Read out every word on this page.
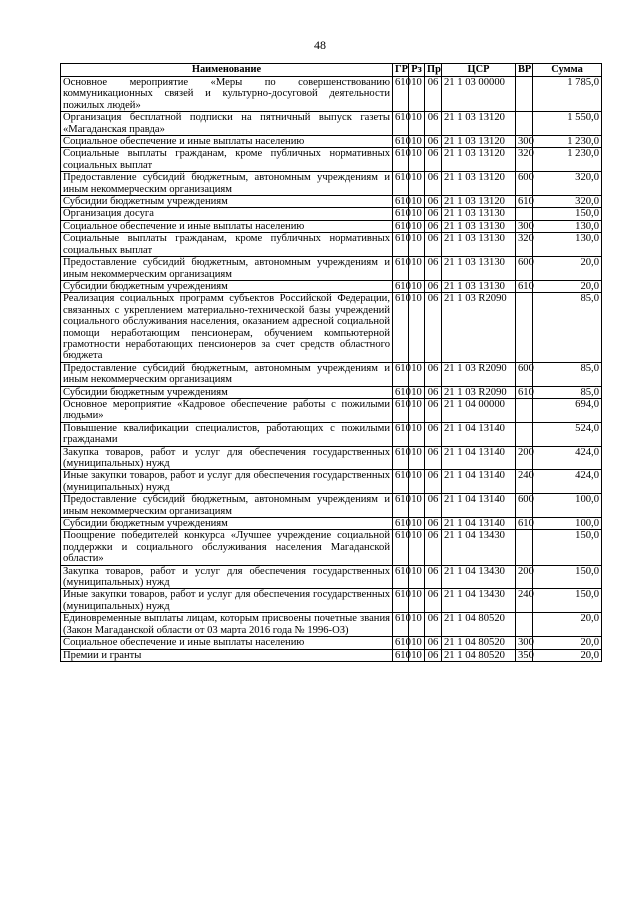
48
Наименование	ГР	Рз	Пр	ЦСР	ВР	Сумма
Основное мероприятие «Меры по совершенствованию коммуникационных связей и культурно-досуговой деятельности пожилых людей»	610	10	06	21 1 03 00000		1 785,0
Организация бесплатной подписки на пятничный выпуск газеты «Магаданская правда»	610	10	06	21 1 03 13120		1 550,0
Социальное обеспечение и иные выплаты населению	610	10	06	21 1 03 13120	300	1 230,0
Социальные выплаты гражданам, кроме публичных нормативных социальных выплат	610	10	06	21 1 03 13120	320	1 230,0
Предоставление субсидий бюджетным, автономным учреждениям и иным некоммерческим организациям	610	10	06	21 1 03 13120	600	320,0
Субсидии бюджетным учреждениям	610	10	06	21 1 03 13120	610	320,0
Организация досуга	610	10	06	21 1 03 13130		150,0
Социальное обеспечение и иные выплаты населению	610	10	06	21 1 03 13130	300	130,0
Социальные выплаты гражданам, кроме публичных нормативных социальных выплат	610	10	06	21 1 03 13130	320	130,0
Предоставление субсидий бюджетным, автономным учреждениям и иным некоммерческим организациям	610	10	06	21 1 03 13130	600	20,0
Субсидии бюджетным учреждениям	610	10	06	21 1 03 13130	610	20,0
Реализация социальных программ субъектов Российской Федерации, связанных с укреплением материально-технической базы учреждений социального обслуживания населения, оказанием адресной социальной помощи неработающим пенсионерам, обучением компьютерной грамотности неработающих пенсионеров за счет средств областного бюджета	610	10	06	21 1 03 R2090		85,0
Предоставление субсидий бюджетным, автономным учреждениям и иным некоммерческим организациям	610	10	06	21 1 03 R2090	600	85,0
Субсидии бюджетным учреждениям	610	10	06	21 1 03 R2090	610	85,0
Основное мероприятие «Кадровое обеспечение работы с пожилыми людьми»	610	10	06	21 1 04 00000		694,0
Повышение квалификации специалистов, работающих с пожилыми гражданами	610	10	06	21 1 04 13140		524,0
Закупка товаров, работ и услуг для обеспечения государственных (муниципальных) нужд	610	10	06	21 1 04 13140	200	424,0
Иные закупки товаров, работ и услуг для обеспечения государственных (муниципальных) нужд	610	10	06	21 1 04 13140	240	424,0
Предоставление субсидий бюджетным, автономным учреждениям и иным некоммерческим организациям	610	10	06	21 1 04 13140	600	100,0
Субсидии бюджетным учреждениям	610	10	06	21 1 04 13140	610	100,0
Поощрение победителей конкурса «Лучшее учреждение социальной поддержки и социального обслуживания населения Магаданской области»	610	10	06	21 1 04 13430		150,0
Закупка товаров, работ и услуг для обеспечения государственных (муниципальных) нужд	610	10	06	21 1 04 13430	200	150,0
Иные закупки товаров, работ и услуг для обеспечения государственных (муниципальных) нужд	610	10	06	21 1 04 13430	240	150,0
Единовременные выплаты лицам, которым присвоены почетные звания (Закон Магаданской области от 03 марта 2016 года № 1996-ОЗ)	610	10	06	21 1 04 80520		20,0
Социальное обеспечение и иные выплаты населению	610	10	06	21 1 04 80520	300	20,0
Премии и гранты	610	10	06	21 1 04 80520	350	20,0
